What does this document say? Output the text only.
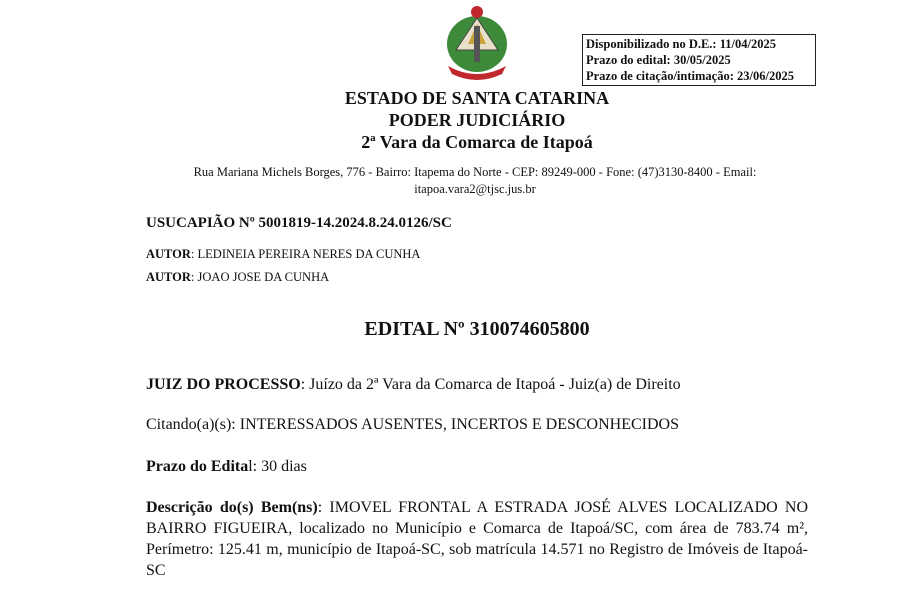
Disponibilizado no D.E.: 11/04/2025
Prazo do edital: 30/05/2025
Prazo de citação/intimação: 23/06/2025
ESTADO DE SANTA CATARINA
PODER JUDICIÁRIO
2ª Vara da Comarca de Itapoá
Rua Mariana Michels Borges, 776 - Bairro: Itapema do Norte - CEP: 89249-000 - Fone: (47)3130-8400 - Email:
itapoa.vara2@tjsc.jus.br
USUCAPIÃO Nº 5001819-14.2024.8.24.0126/SC
AUTOR: LEDINEIA PEREIRA NERES DA CUNHA
AUTOR: JOAO JOSE DA CUNHA
EDITAL Nº 310074605800
JUIZ DO PROCESSO: Juízo da 2ª Vara da Comarca de Itapoá - Juiz(a) de Direito
Citando(a)(s): INTERESSADOS AUSENTES, INCERTOS E DESCONHECIDOS
Prazo do Edital: 30 dias
Descrição do(s) Bem(ns): IMOVEL FRONTAL A ESTRADA JOSÉ ALVES LOCALIZADO NO BAIRRO FIGUEIRA, localizado no Município e Comarca de Itapoá/SC, com área de 783.74 m², Perímetro: 125.41 m, município de Itapoá-SC, sob matrícula 14.571 no Registro de Imóveis de Itapoá-SC
